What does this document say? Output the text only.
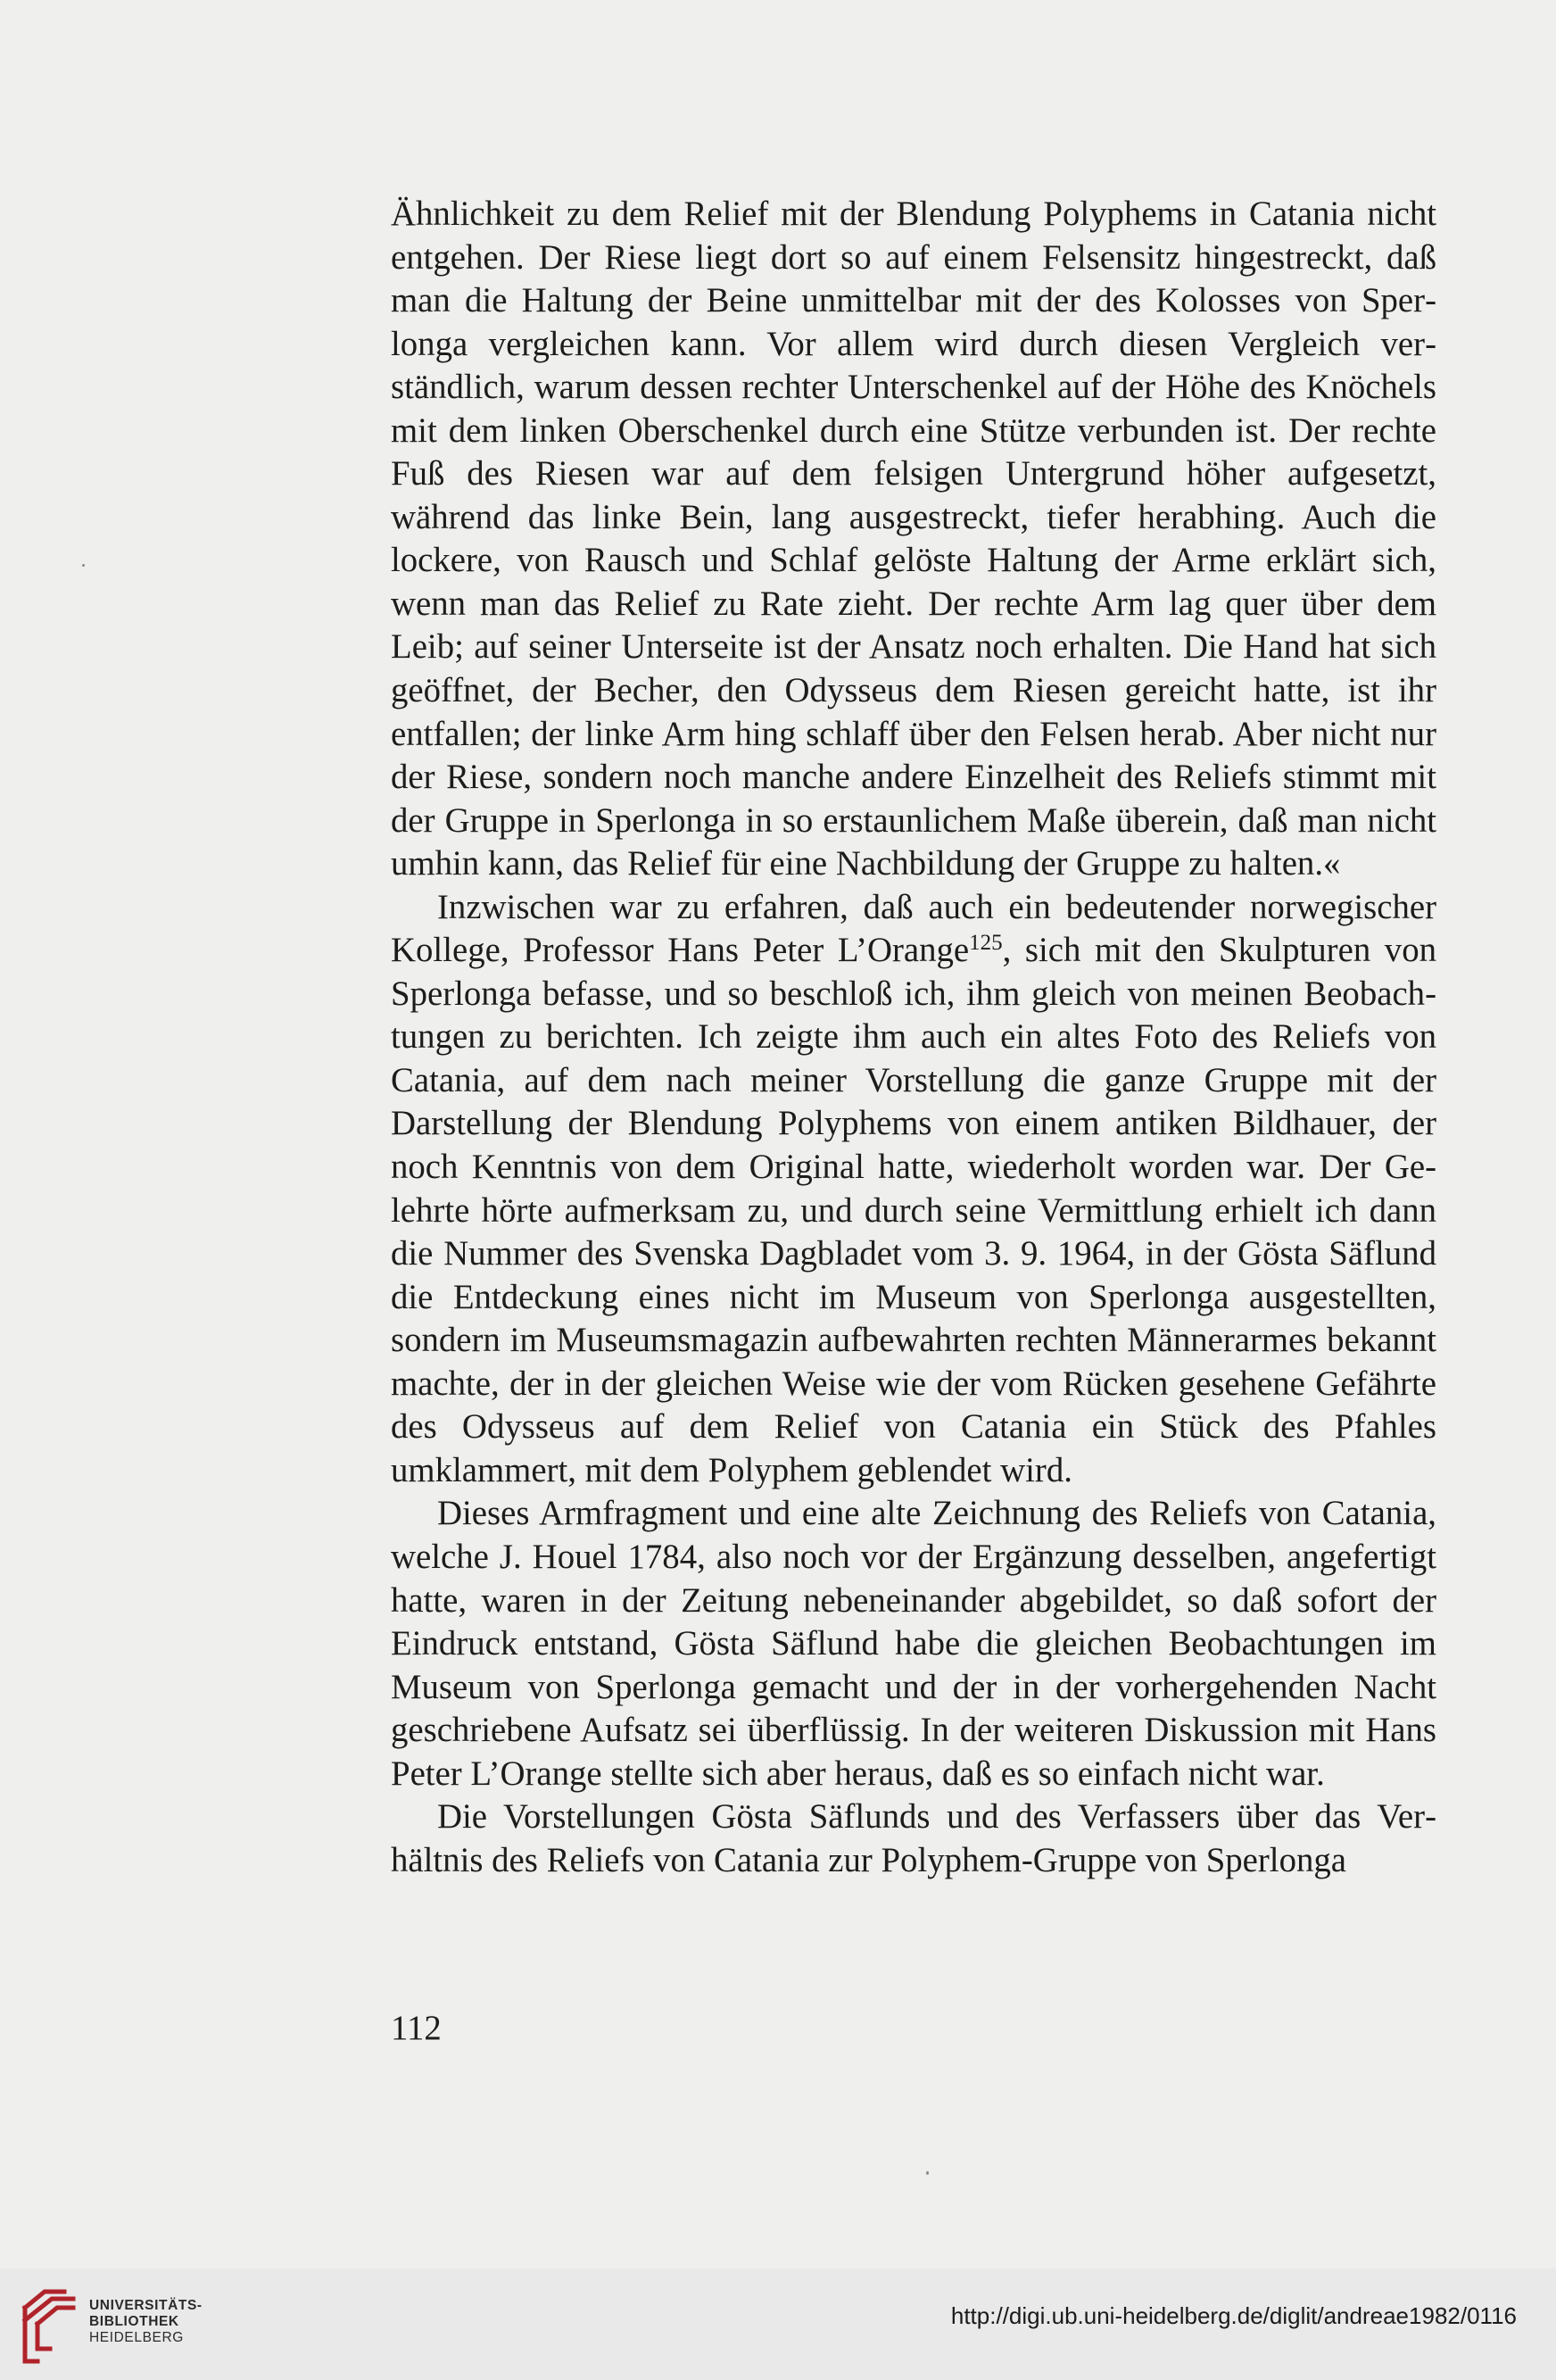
Ähnlichkeit zu dem Relief mit der Blendung Polyphems in Catania nicht entgehen. Der Riese liegt dort so auf einem Felsensitz hingestreckt, daß man die Haltung der Beine unmittelbar mit der des Kolosses von Sperlonga vergleichen kann. Vor allem wird durch diesen Vergleich verständlich, warum dessen rechter Unterschenkel auf der Höhe des Knöchels mit dem linken Oberschenkel durch eine Stütze verbunden ist. Der rechte Fuß des Riesen war auf dem felsigen Untergrund höher aufgesetzt, während das linke Bein, lang ausgestreckt, tiefer herabhing. Auch die lockere, von Rausch und Schlaf gelöste Haltung der Arme erklärt sich, wenn man das Relief zu Rate zieht. Der rechte Arm lag quer über dem Leib; auf seiner Unterseite ist der Ansatz noch erhalten. Die Hand hat sich geöffnet, der Becher, den Odysseus dem Riesen gereicht hatte, ist ihr entfallen; der linke Arm hing schlaff über den Felsen herab. Aber nicht nur der Riese, sondern noch manche andere Einzelheit des Reliefs stimmt mit der Gruppe in Sperlonga in so erstaunlichem Maße überein, daß man nicht umhin kann, das Relief für eine Nachbildung der Gruppe zu halten.«

Inzwischen war zu erfahren, daß auch ein bedeutender norwegischer Kollege, Professor Hans Peter L’Orange$^{125}$, sich mit den Skulpturen von Sperlonga befasse, und so beschloß ich, ihm gleich von meinen Beobachtungen zu berichten. Ich zeigte ihm auch ein altes Foto des Reliefs von Catania, auf dem nach meiner Vorstellung die ganze Gruppe mit der Darstellung der Blendung Polyphems von einem antiken Bildhauer, der noch Kenntnis von dem Original hatte, wiederholt worden war. Der Gelehrte hörte aufmerksam zu, und durch seine Vermittlung erhielt ich dann die Nummer des Svenska Dagbladet vom 3. 9. 1964, in der Gösta Säflund die Entdeckung eines nicht im Museum von Sperlonga ausgestellten, sondern im Museumsmagazin aufbewahrten rechten Männerarmes bekannt machte, der in der gleichen Weise wie der vom Rücken gesehene Gefährte des Odysseus auf dem Relief von Catania ein Stück des Pfahles umklammert, mit dem Polyphem geblendet wird.

Dieses Armfragment und eine alte Zeichnung des Reliefs von Catania, welche J. Houel 1784, also noch vor der Ergänzung desselben, angefertigt hatte, waren in der Zeitung nebeneinander abgebildet, so daß sofort der Eindruck entstand, Gösta Säflund habe die gleichen Beobachtungen im Museum von Sperlonga gemacht und der in der vorhergehenden Nacht geschriebene Aufsatz sei überflüssig. In der weiteren Diskussion mit Hans Peter L’Orange stellte sich aber heraus, daß es so einfach nicht war.

Die Vorstellungen Gösta Säflunds und des Verfassers über das Verhältnis des Reliefs von Catania zur Polyphem-Gruppe von Sperlonga

112
UNIVERSITÄTS-
BIBLIOTHEK
HEIDELBERG
http://digi.ub.uni-heidelberg.de/diglit/andreae1982/0116
